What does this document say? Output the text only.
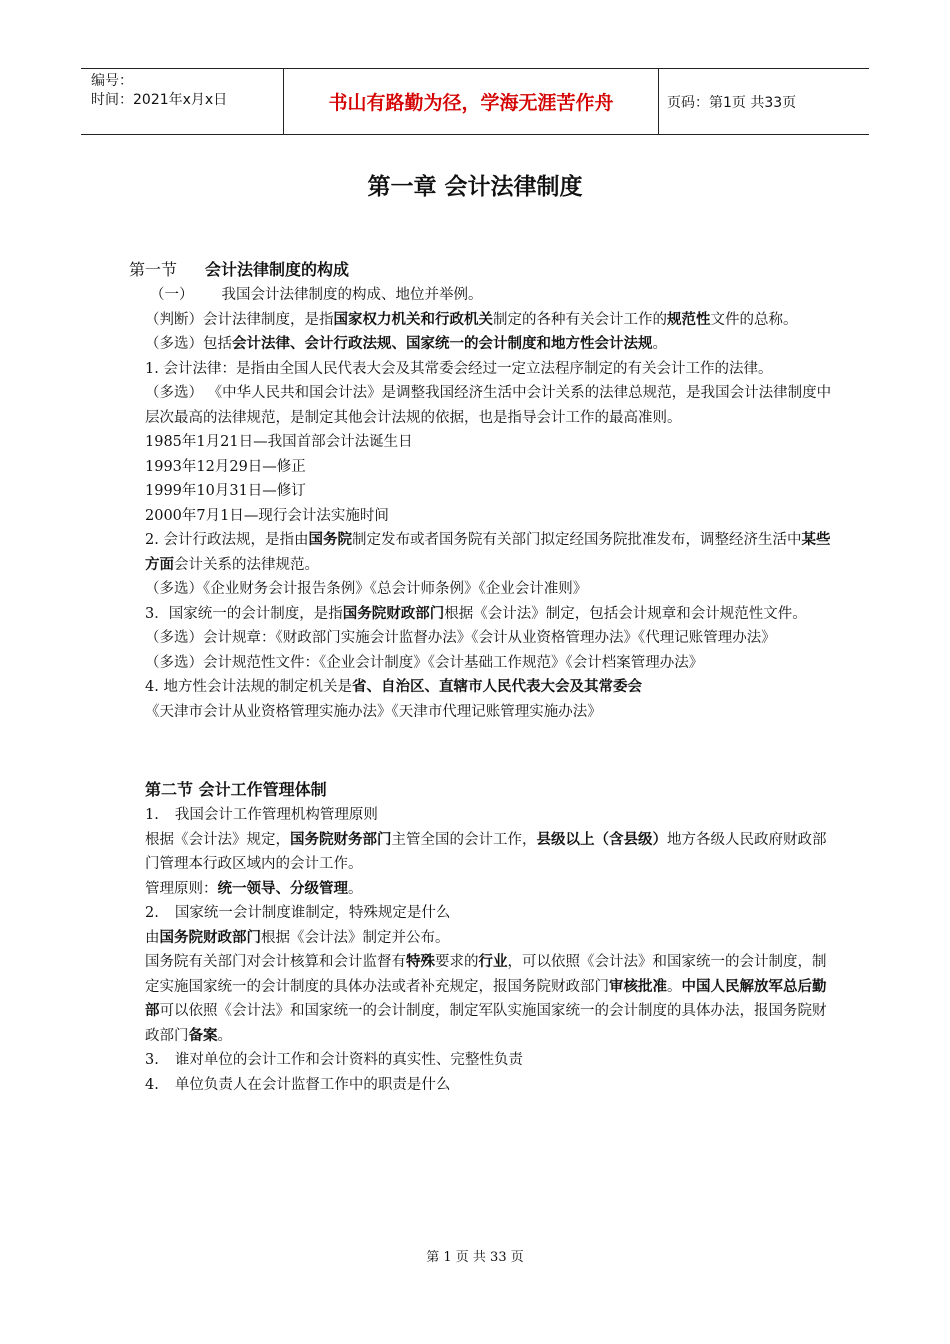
编号：
时间：2021年x月x日	书山有路勤为径，学海无涯苦作舟	页码：第1页 共33页
第一章 会计法律制度

第一节 会计法律制度的构成

（一） 我国会计法律制度的构成、地位并举例。

（判断）会计法律制度，是指国家权力机关和行政机关制定的各种有关会计工作的规范性文件的总称。

（多选）包括会计法律、会计行政法规、国家统一的会计制度和地方性会计法规。

1. 会计法律：是指由全国人民代表大会及其常委会经过一定立法程序制定的有关会计工作的法律。

（多选） 《中华人民共和国会计法》是调整我国经济生活中会计关系的法律总规范，是我国会计法律制度中层次最高的法律规范，是制定其他会计法规的依据，也是指导会计工作的最高准则。

1985年1月21日—我国首部会计法诞生日

1993年12月29日—修正

1999年10月31日—修订

2000年7月1日—现行会计法实施时间

2. 会计行政法规，是指由国务院制定发布或者国务院有关部门拟定经国务院批准发布，调整经济生活中某些方面会计关系的法律规范。

（多选）《企业财务会计报告条例》《总会计师条例》《企业会计准则》

3．国家统一的会计制度，是指国务院财政部门根据《会计法》制定，包括会计规章和会计规范性文件。

（多选）会计规章：《财政部门实施会计监督办法》《会计从业资格管理办法》《代理记账管理办法》

（多选）会计规范性文件：《企业会计制度》《会计基础工作规范》《会计档案管理办法》

4. 地方性会计法规的制定机关是省、自治区、直辖市人民代表大会及其常委会

《天津市会计从业资格管理实施办法》《天津市代理记账管理实施办法》

第二节 会计工作管理体制

1. 我国会计工作管理机构管理原则

根据《会计法》规定，国务院财务部门主管全国的会计工作，县级以上（含县级）地方各级人民政府财政部门管理本行政区域内的会计工作。

管理原则：统一领导、分级管理。

2. 国家统一会计制度谁制定，特殊规定是什么

由国务院财政部门根据《会计法》制定并公布。

国务院有关部门对会计核算和会计监督有特殊要求的行业，可以依照《会计法》和国家统一的会计制度，制定实施国家统一的会计制度的具体办法或者补充规定，报国务院财政部门审核批准。中国人民解放军总后勤部可以依照《会计法》和国家统一的会计制度，制定军队实施国家统一的会计制度的具体办法，报国务院财政部门备案。

3. 谁对单位的会计工作和会计资料的真实性、完整性负责

4. 单位负责人在会计监督工作中的职责是什么

第 1 页 共 33 页
